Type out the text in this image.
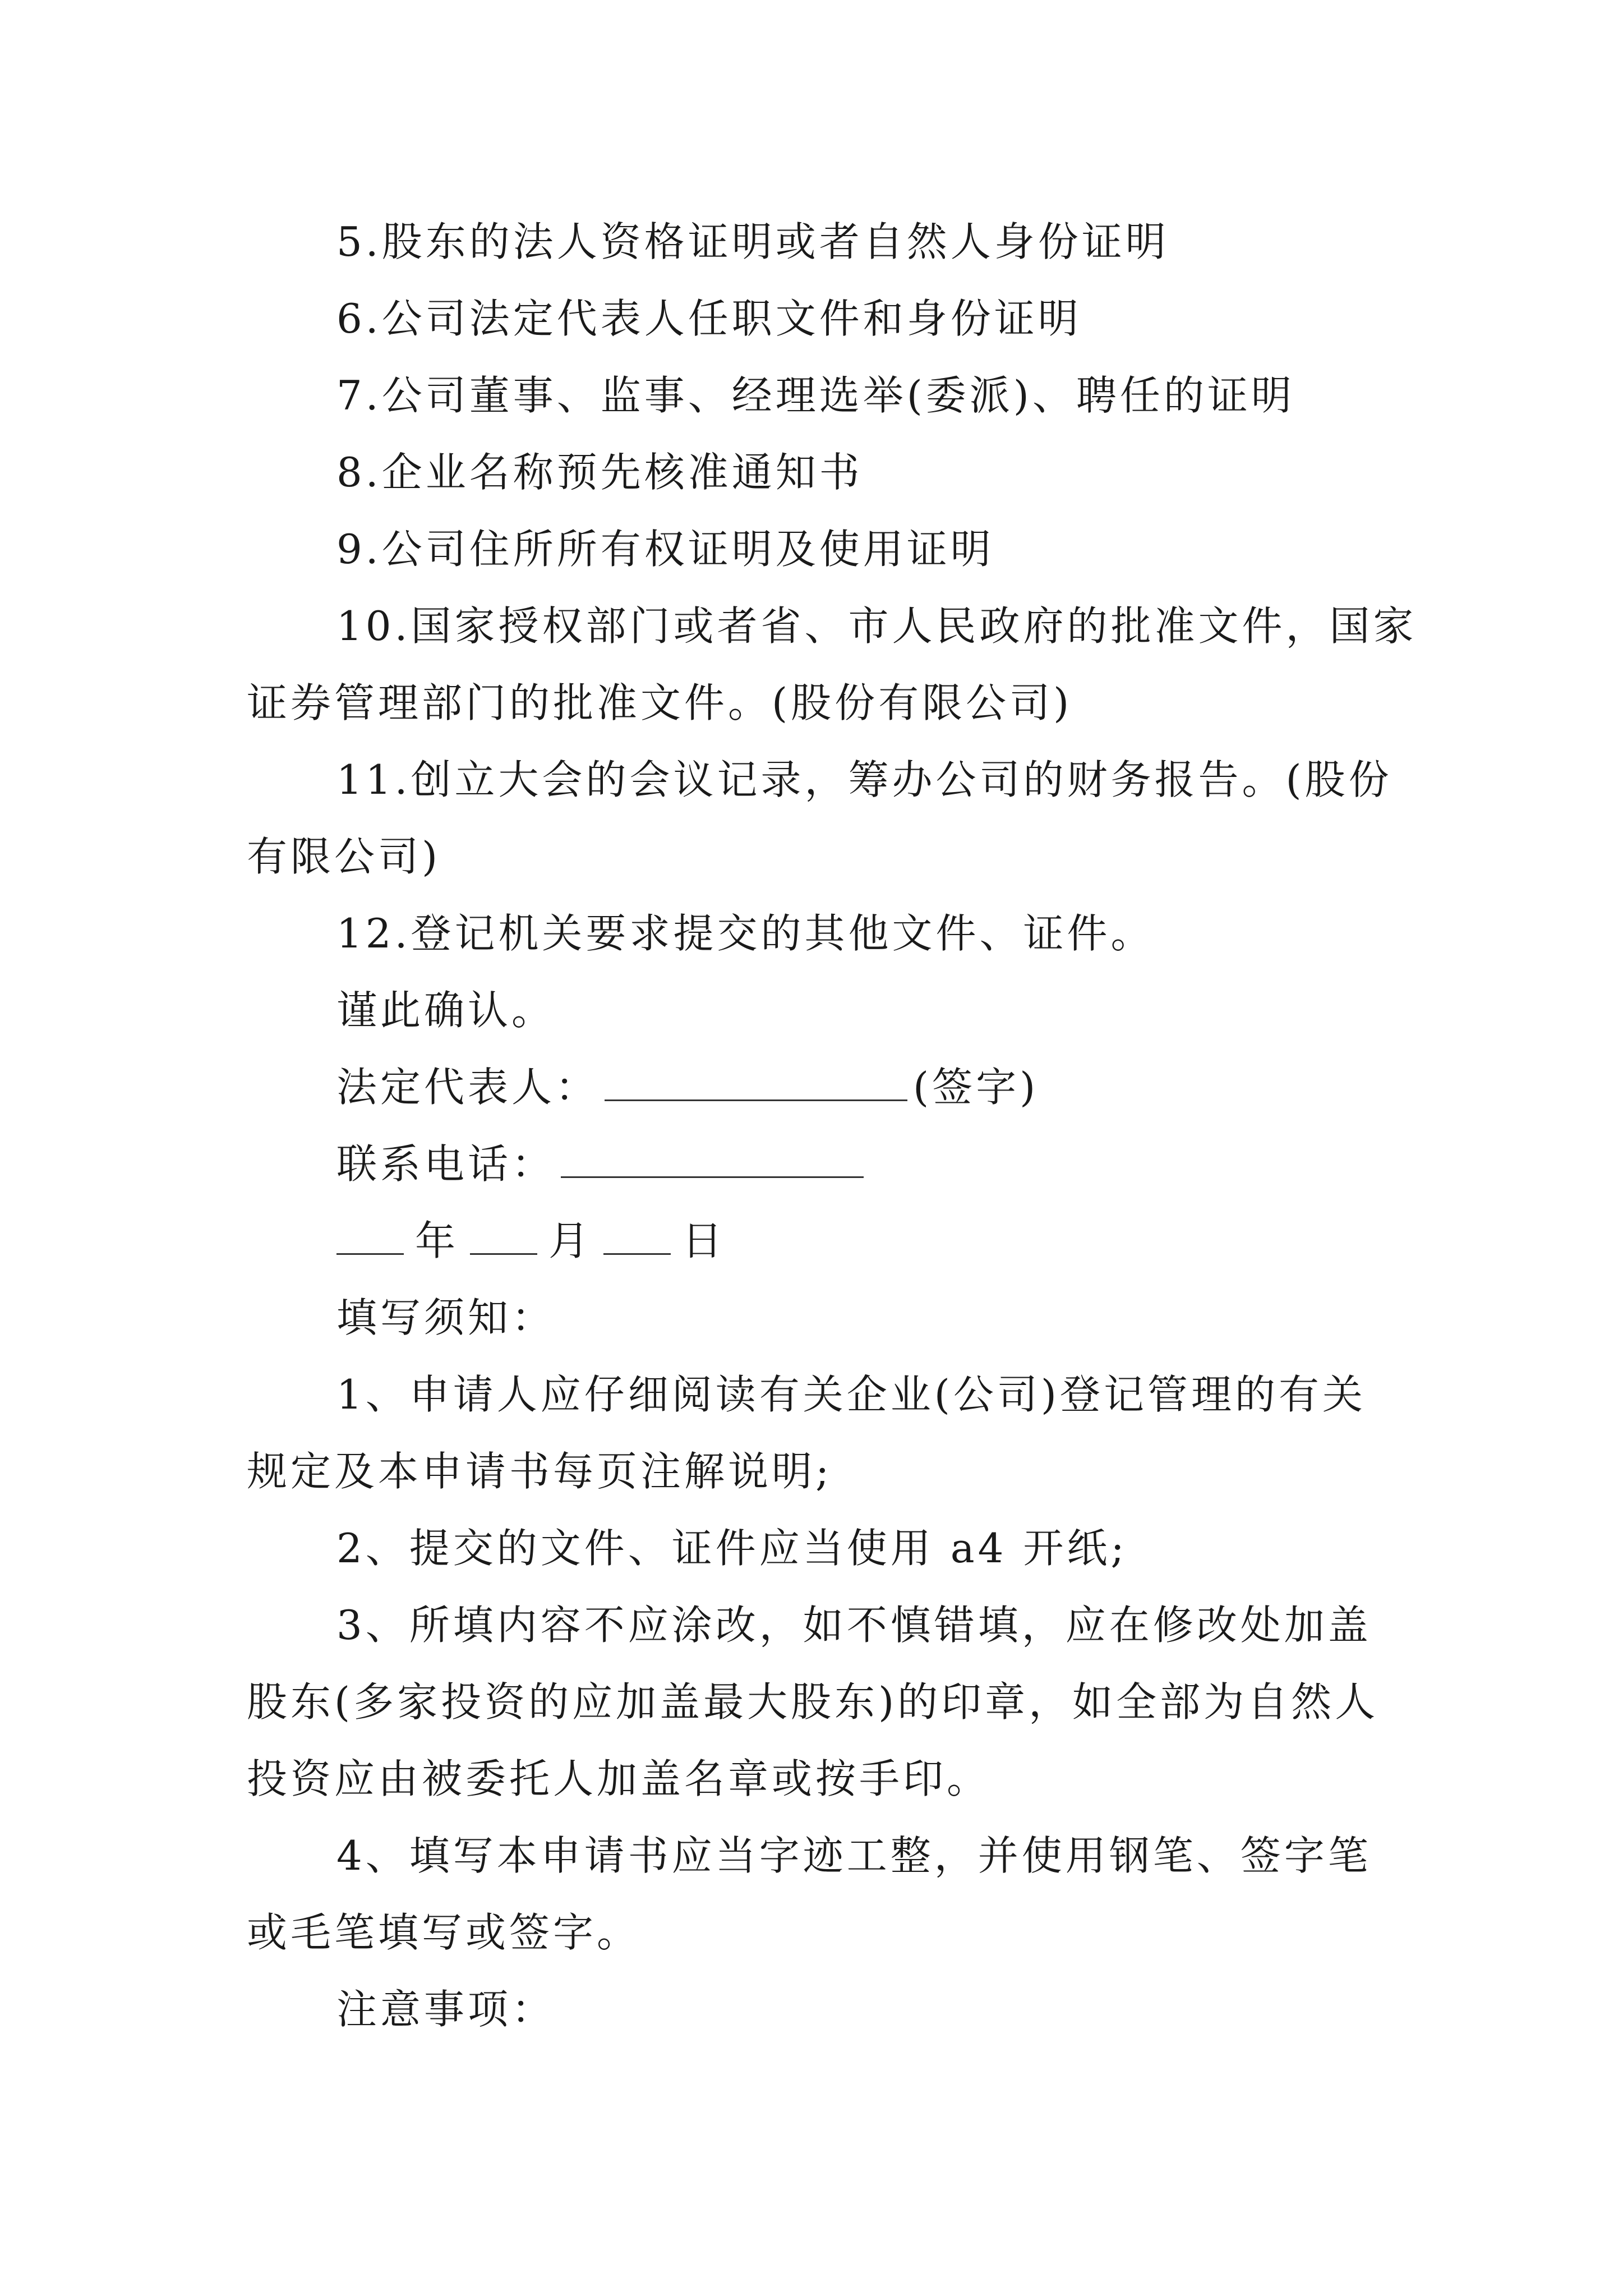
5.股东的法人资格证明或者自然人身份证明
6.公司法定代表人任职文件和身份证明
7.公司董事、监事、经理选举(委派)、聘任的证明
8.企业名称预先核准通知书
9.公司住所所有权证明及使用证明
10.国家授权部门或者省、市人民政府的批准文件，国家
证券管理部门的批准文件。(股份有限公司)
11.创立大会的会议记录，筹办公司的财务报告。(股份
有限公司)
12.登记机关要求提交的其他文件、证件。
谨此确认。
法定代表人：	(签字)
联系电话：
年 月 日
填写须知：
1、申请人应仔细阅读有关企业(公司)登记管理的有关
规定及本申请书每页注解说明;
2、提交的文件、证件应当使用 a4 开纸;
3、所填内容不应涂改，如不慎错填，应在修改处加盖
股东(多家投资的应加盖最大股东)的印章，如全部为自然人
投资应由被委托人加盖名章或按手印。
4、填写本申请书应当字迹工整，并使用钢笔、签字笔
或毛笔填写或签字。
注意事项：
